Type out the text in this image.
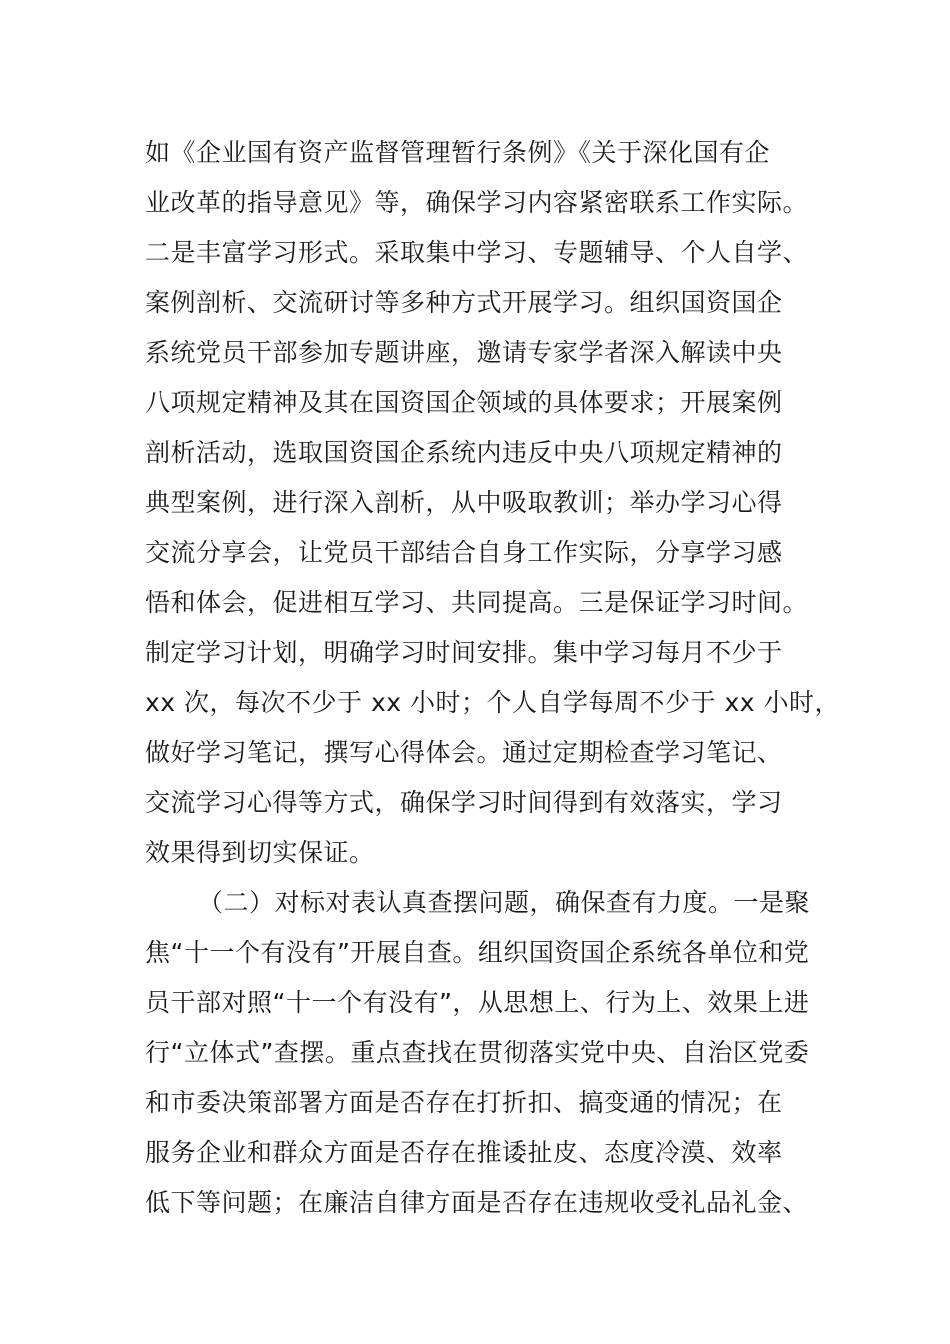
如《企业国有资产监督管理暂行条例》《关于深化国有企
业改革的指导意见》等，确保学习内容紧密联系工作实际。
二是丰富学习形式。采取集中学习、专题辅导、个人自学、
案例剖析、交流研讨等多种方式开展学习。组织国资国企
系统党员干部参加专题讲座，邀请专家学者深入解读中央
八项规定精神及其在国资国企领域的具体要求；开展案例
剖析活动，选取国资国企系统内违反中央八项规定精神的
典型案例，进行深入剖析，从中吸取教训；举办学习心得
交流分享会，让党员干部结合自身工作实际，分享学习感
悟和体会，促进相互学习、共同提高。三是保证学习时间。
制定学习计划，明确学习时间安排。集中学习每月不少于
xx 次，每次不少于 xx 小时；个人自学每周不少于 xx 小时，
做好学习笔记，撰写心得体会。通过定期检查学习笔记、
交流学习心得等方式，确保学习时间得到有效落实，学习
效果得到切实保证。
（二）对标对表认真查摆问题，确保查有力度。一是聚
焦“十一个有没有”开展自查。组织国资国企系统各单位和党
员干部对照“十一个有没有”，从思想上、行为上、效果上进
行“立体式”查摆。重点查找在贯彻落实党中央、自治区党委
和市委决策部署方面是否存在打折扣、搞变通的情况；在
服务企业和群众方面是否存在推诿扯皮、态度冷漠、效率
低下等问题；在廉洁自律方面是否存在违规收受礼品礼金、
